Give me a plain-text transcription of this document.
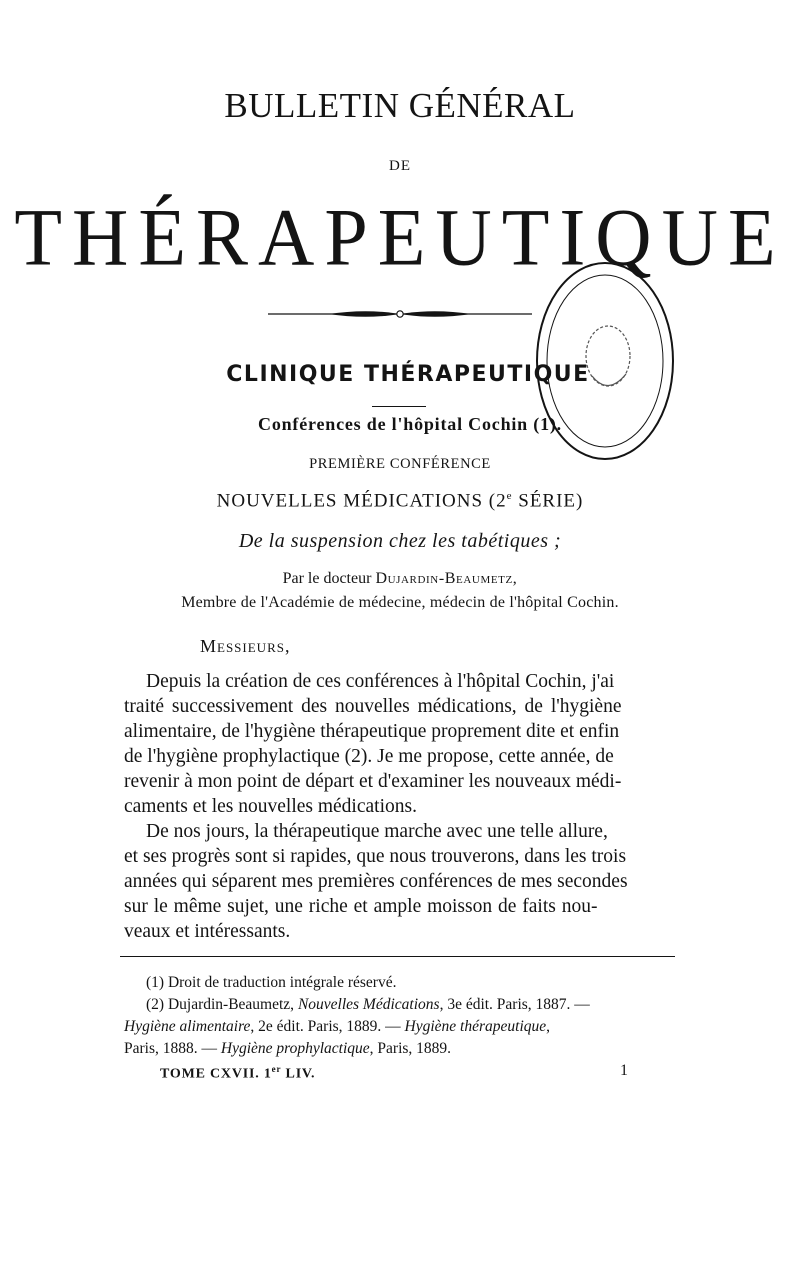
BULLETIN GÉNÉRAL
DE
THÉRAPEUTIQUE
CLINIQUE THÉRAPEUTIQUE
Conférences de l'hôpital Cochin (1).
PREMIÈRE CONFÉRENCE
NOUVELLES MÉDICATIONS (2e SÉRIE)
De la suspension chez les tabétiques ;
Par le docteur Dujardin-Beaumetz,
Membre de l'Académie de médecine, médecin de l'hôpital Cochin.
Messieurs,
Depuis la création de ces conférences à l'hôpital Cochin, j'ai
traité successivement des nouvelles médications, de l'hygiène
alimentaire, de l'hygiène thérapeutique proprement dite et enfin
de l'hygiène prophylactique (2). Je me propose, cette année, de
revenir à mon point de départ et d'examiner les nouveaux médi-
caments et les nouvelles médications.
De nos jours, la thérapeutique marche avec une telle allure,
et ses progrès sont si rapides, que nous trouverons, dans les trois
années qui séparent mes premières conférences de mes secondes
sur le même sujet, une riche et ample moisson de faits nou-
veaux et intéressants.
(1) Droit de traduction intégrale réservé.
(2) Dujardin-Beaumetz, Nouvelles Médications, 3e édit. Paris, 1887. —
Hygiène alimentaire, 2e édit. Paris, 1889. — Hygiène thérapeutique,
Paris, 1888. — Hygiène prophylactique, Paris, 1889.
TOME CXVII. 1er LIV.	1
